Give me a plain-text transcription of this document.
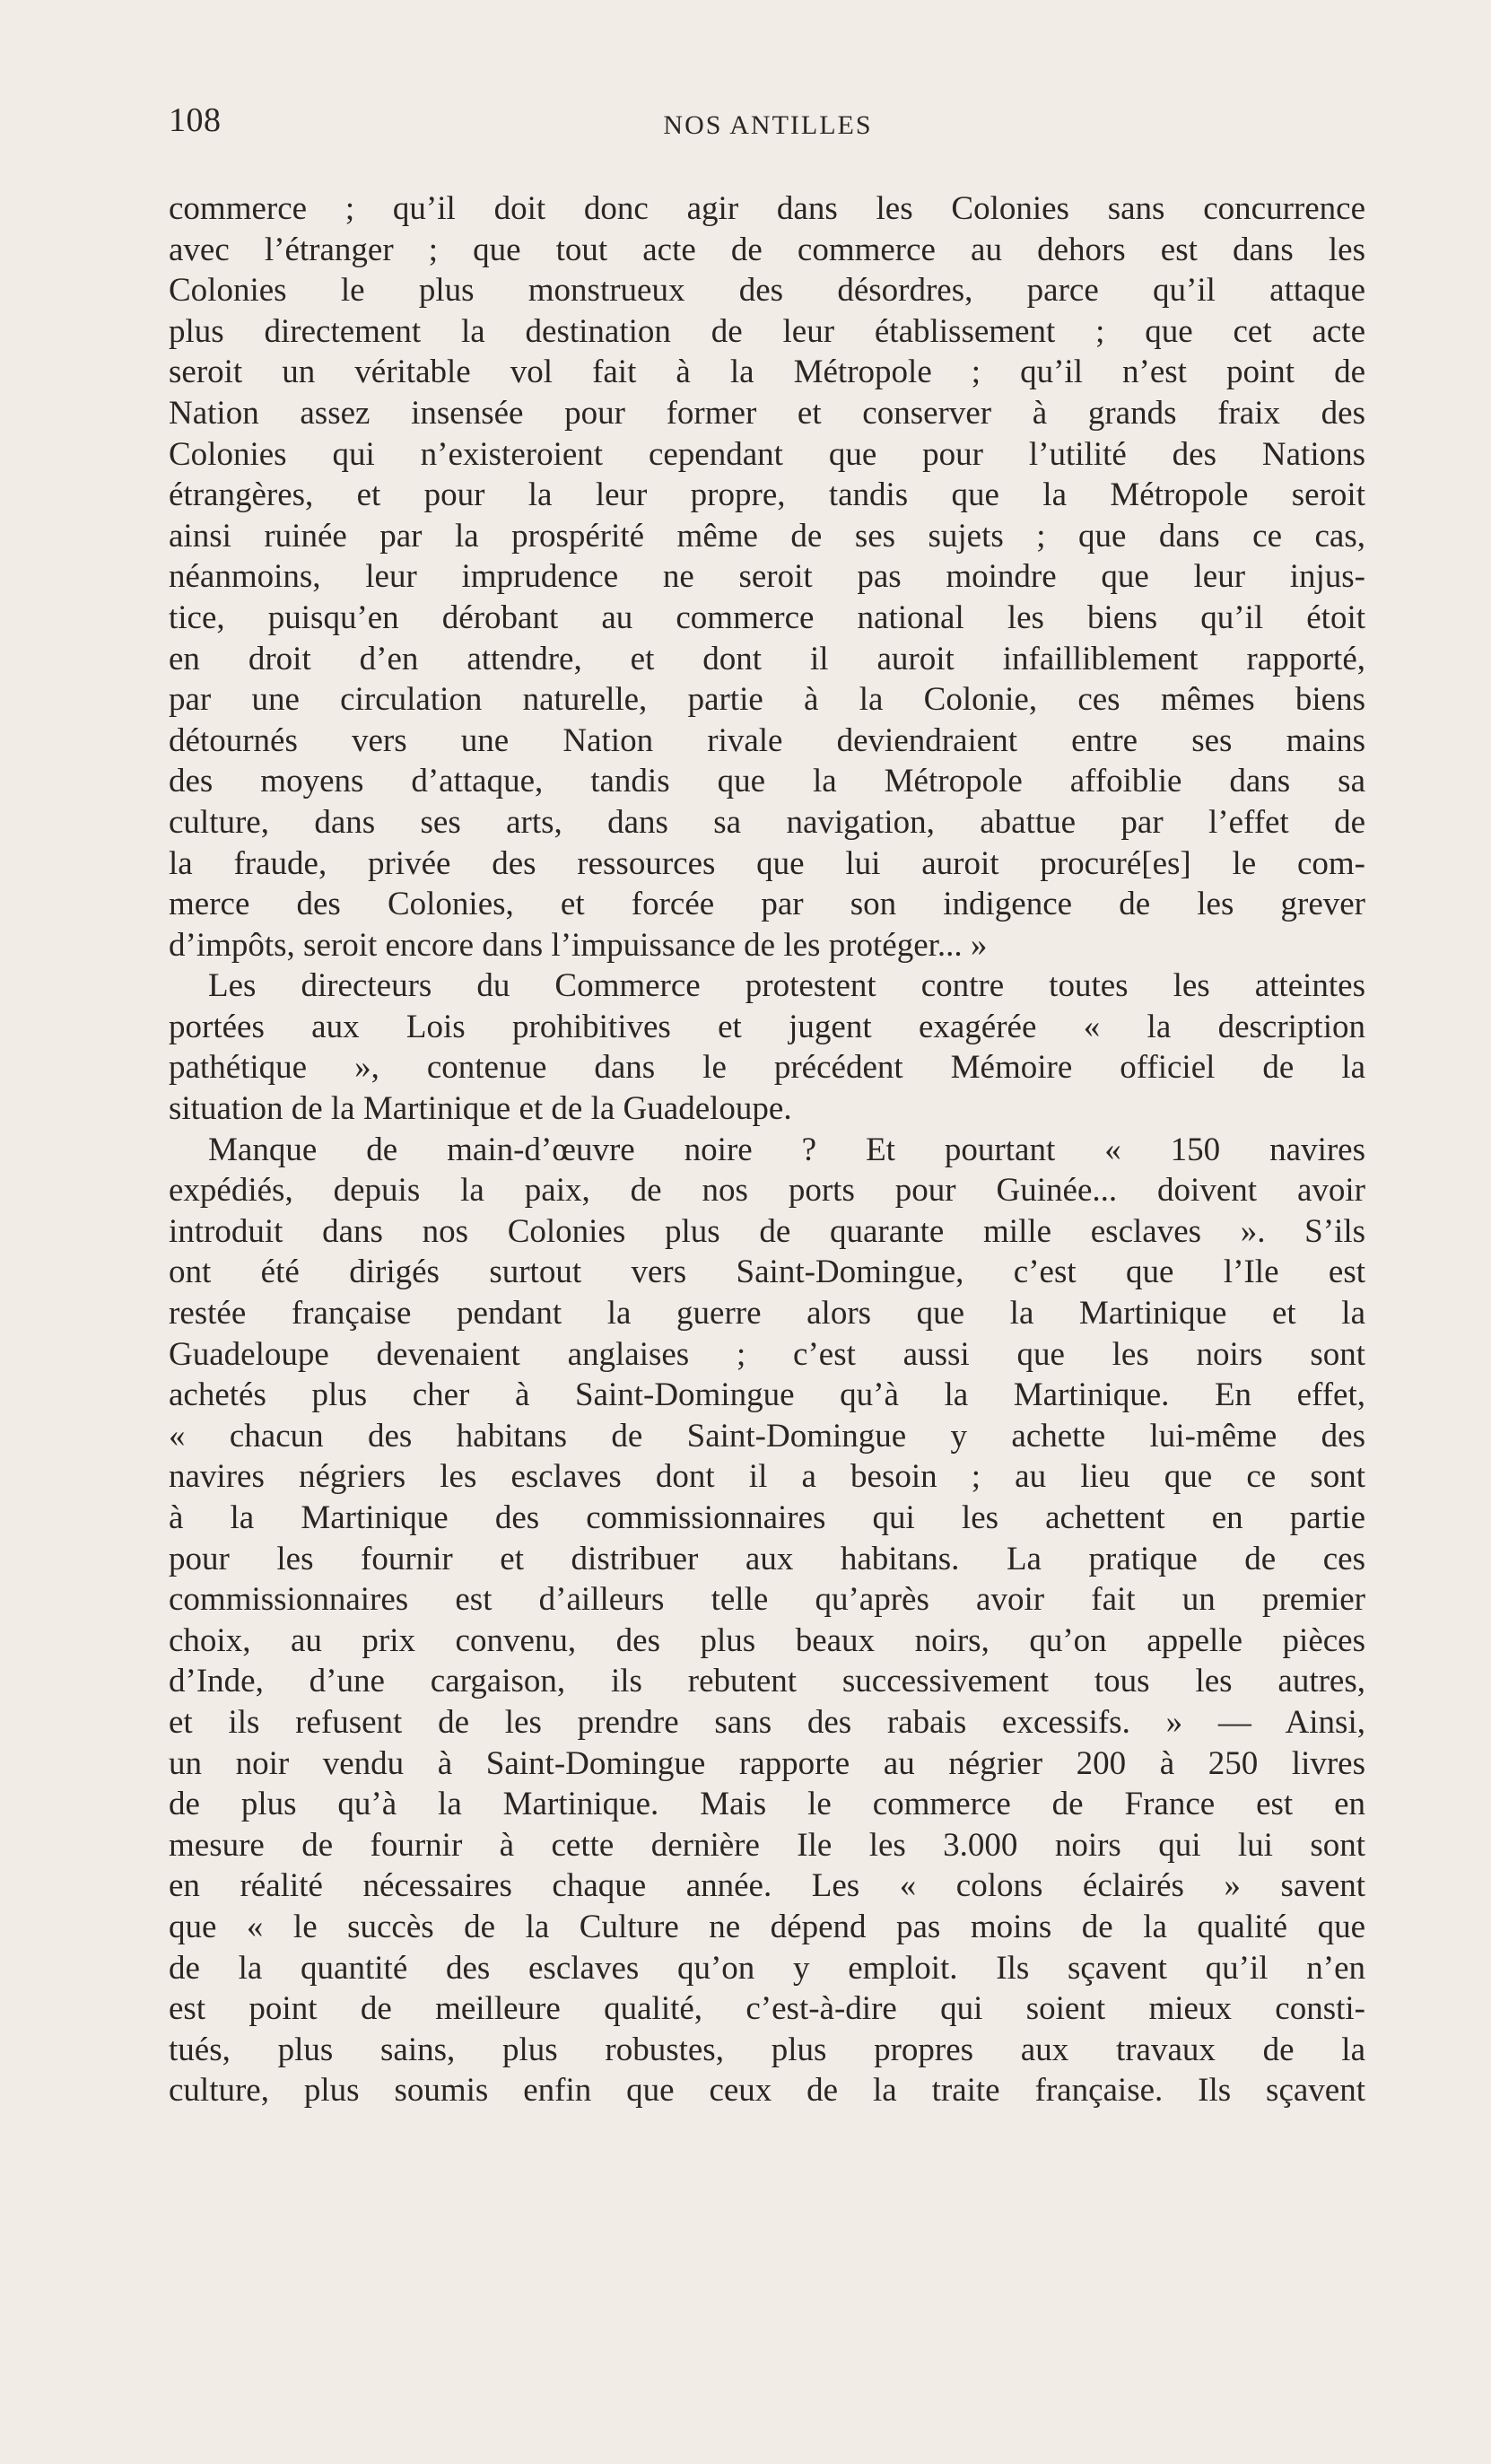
108	NOS ANTILLES

commerce ; qu’il doit donc agir dans les Colonies sans concurrence
avec l’étranger ; que tout acte de commerce au dehors est dans les
Colonies le plus monstrueux des désordres, parce qu’il attaque
plus directement la destination de leur établissement ; que cet acte
seroit un véritable vol fait à la Métropole ; qu’il n’est point de
Nation assez insensée pour former et conserver à grands fraix des
Colonies qui n’existeroient cependant que pour l’utilité des Nations
étrangères, et pour la leur propre, tandis que la Métropole seroit
ainsi ruinée par la prospérité même de ses sujets ; que dans ce cas,
néanmoins, leur imprudence ne seroit pas moindre que leur injus-
tice, puisqu’en dérobant au commerce national les biens qu’il étoit
en droit d’en attendre, et dont il auroit infailliblement rapporté,
par une circulation naturelle, partie à la Colonie, ces mêmes biens
détournés vers une Nation rivale deviendraient entre ses mains
des moyens d’attaque, tandis que la Métropole affoiblie dans sa
culture, dans ses arts, dans sa navigation, abattue par l’effet de
la fraude, privée des ressources que lui auroit procuré[es] le com-
merce des Colonies, et forcée par son indigence de les grever
d’impôts, seroit encore dans l’impuissance de les protéger... »

Les directeurs du Commerce protestent contre toutes les atteintes
portées aux Lois prohibitives et jugent exagérée « la description
pathétique », contenue dans le précédent Mémoire officiel de la
situation de la Martinique et de la Guadeloupe.

Manque de main-d’œuvre noire ? Et pourtant « 150 navires
expédiés, depuis la paix, de nos ports pour Guinée... doivent avoir
introduit dans nos Colonies plus de quarante mille esclaves ». S’ils
ont été dirigés surtout vers Saint-Domingue, c’est que l’Ile est
restée française pendant la guerre alors que la Martinique et la
Guadeloupe devenaient anglaises ; c’est aussi que les noirs sont
achetés plus cher à Saint-Domingue qu’à la Martinique. En effet,
« chacun des habitans de Saint-Domingue y achette lui-même des
navires négriers les esclaves dont il a besoin ; au lieu que ce sont
à la Martinique des commissionnaires qui les achettent en partie
pour les fournir et distribuer aux habitans. La pratique de ces
commissionnaires est d’ailleurs telle qu’après avoir fait un premier
choix, au prix convenu, des plus beaux noirs, qu’on appelle pièces
d’Inde, d’une cargaison, ils rebutent successivement tous les autres,
et ils refusent de les prendre sans des rabais excessifs. » — Ainsi,
un noir vendu à Saint-Domingue rapporte au négrier 200 à 250 livres
de plus qu’à la Martinique. Mais le commerce de France est en
mesure de fournir à cette dernière Ile les 3.000 noirs qui lui sont
en réalité nécessaires chaque année. Les « colons éclairés » savent
que « le succès de la Culture ne dépend pas moins de la qualité que
de la quantité des esclaves qu’on y emploit. Ils sçavent qu’il n’en
est point de meilleure qualité, c’est-à-dire qui soient mieux consti-
tués, plus sains, plus robustes, plus propres aux travaux de la
culture, plus soumis enfin que ceux de la traite française. Ils sçavent
